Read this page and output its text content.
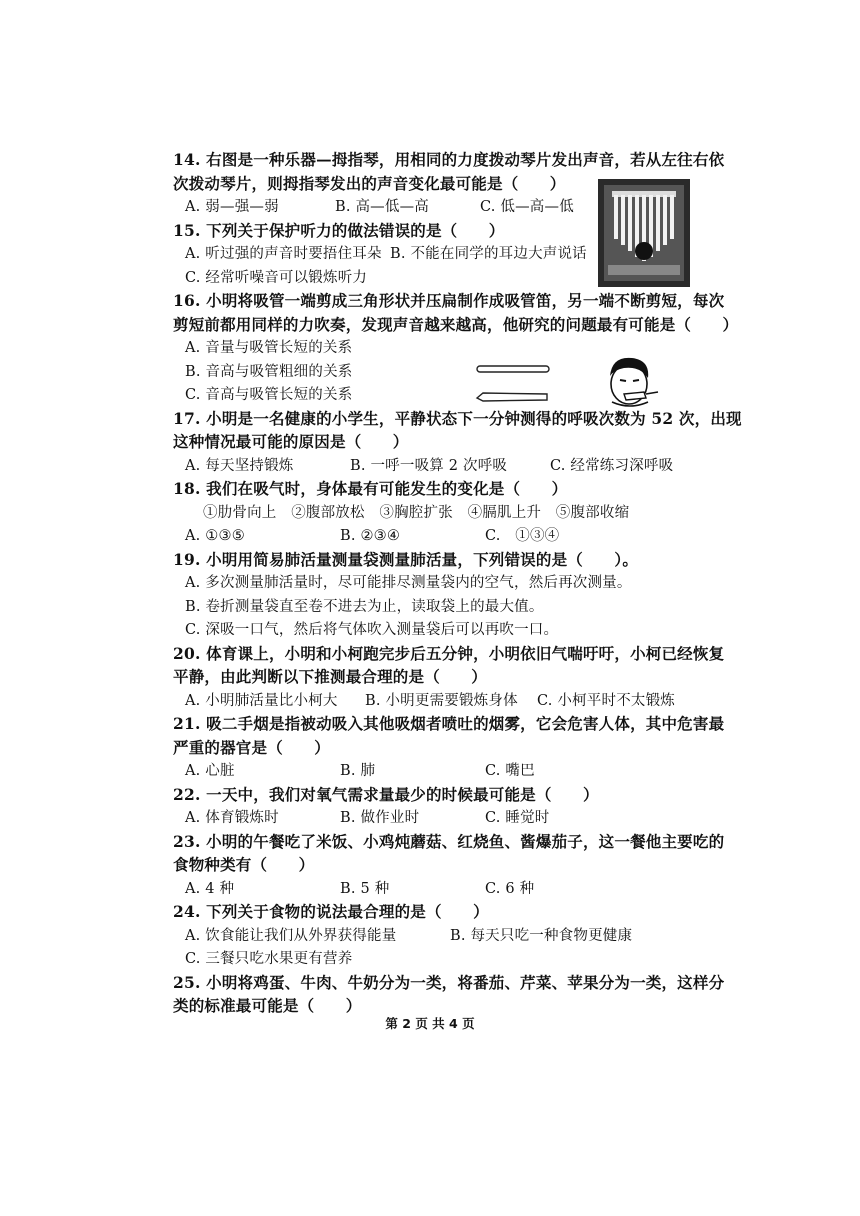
14. 右图是一种乐器—拇指琴，用相同的力度拨动琴片发出声音，若从左往右依
次拨动琴片，则拇指琴发出的声音变化最可能是（　　）
A. 弱—强—弱	B. 高—低—高	C. 低—高—低
15. 下列关于保护听力的做法错误的是（　　）
A. 听过强的声音时要捂住耳朵 B. 不能在同学的耳边大声说话
C. 经常听噪音可以锻炼听力
16. 小明将吸管一端剪成三角形状并压扁制作成吸管笛，另一端不断剪短，每次
剪短前都用同样的力吹奏，发现声音越来越高，他研究的问题最有可能是（　　）
A. 音量与吸管长短的关系
B. 音高与吸管粗细的关系
C. 音高与吸管长短的关系
17. 小明是一名健康的小学生，平静状态下一分钟测得的呼吸次数为 52 次，出现
这种情况最可能的原因是（　　）
A. 每天坚持锻炼	B. 一呼一吸算 2 次呼吸	C. 经常练习深呼吸
18. 我们在吸气时，身体最有可能发生的变化是（　　）
①肋骨向上　②腹部放松　③胸腔扩张　④膈肌上升　⑤腹部收缩
A. ①③⑤	B. ②③④	C.　①③④
19. 小明用简易肺活量测量袋测量肺活量，下列错误的是（　　）。
A. 多次测量肺活量时，尽可能排尽测量袋内的空气，然后再次测量。
B. 卷折测量袋直至卷不进去为止，读取袋上的最大值。
C. 深吸一口气，然后将气体吹入测量袋后可以再吹一口。
20. 体育课上，小明和小柯跑完步后五分钟，小明依旧气喘吁吁，小柯已经恢复
平静，由此判断以下推测最合理的是（　　）
A. 小明肺活量比小柯大	B. 小明更需要锻炼身体	C. 小柯平时不太锻炼
21. 吸二手烟是指被动吸入其他吸烟者喷吐的烟雾，它会危害人体，其中危害最
严重的器官是（　　）
A. 心脏	B. 肺	C. 嘴巴
22. 一天中，我们对氧气需求量最少的时候最可能是（　　）
A. 体育锻炼时	B. 做作业时	C. 睡觉时
23. 小明的午餐吃了米饭、小鸡炖蘑菇、红烧鱼、酱爆茄子，这一餐他主要吃的
食物种类有（　　）
A. 4 种	B. 5 种	C. 6 种
24. 下列关于食物的说法最合理的是（　　）
A. 饮食能让我们从外界获得能量	B. 每天只吃一种食物更健康
C. 三餐只吃水果更有营养
25. 小明将鸡蛋、牛肉、牛奶分为一类，将番茄、芹菜、苹果分为一类，这样分
类的标准最可能是（　　）
第 2 页 共 4 页
